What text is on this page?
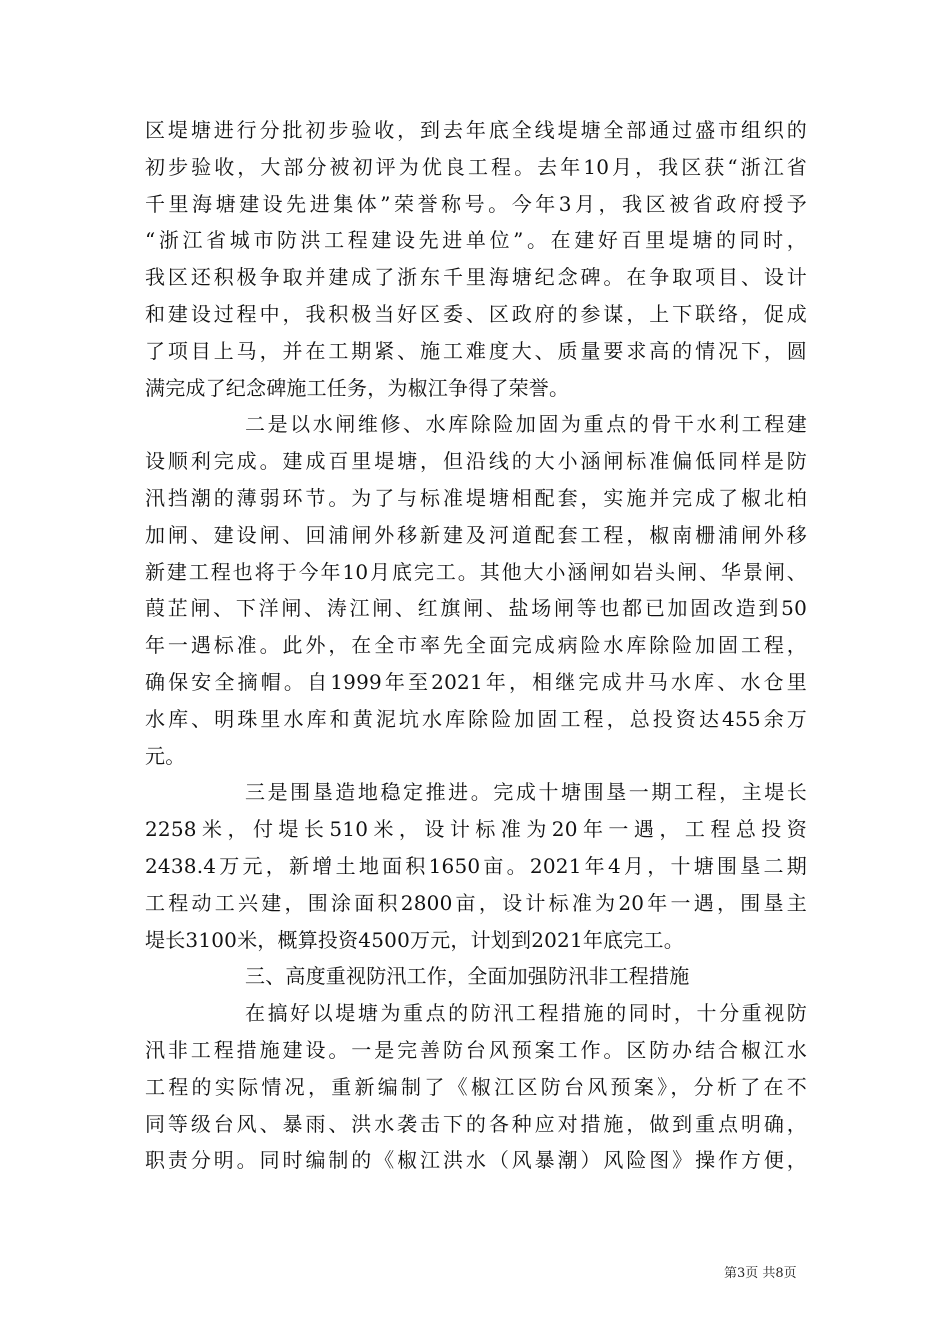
区堤塘进行分批初步验收，到去年底全线堤塘全部通过盛市组织的
初步验收，大部分被初评为优良工程。去年10月，我区获“浙江省
千里海塘建设先进集体”荣誉称号。今年3月，我区被省政府授予
“浙江省城市防洪工程建设先进单位”。在建好百里堤塘的同时，
我区还积极争取并建成了浙东千里海塘纪念碑。在争取项目、设计
和建设过程中，我积极当好区委、区政府的参谋，上下联络，促成
了项目上马，并在工期紧、施工难度大、质量要求高的情况下，圆
满完成了纪念碑施工任务，为椒江争得了荣誉。
二是以水闸维修、水库除险加固为重点的骨干水利工程建
设顺利完成。建成百里堤塘，但沿线的大小涵闸标准偏低同样是防
汛挡潮的薄弱环节。为了与标准堤塘相配套，实施并完成了椒北柏
加闸、建设闸、回浦闸外移新建及河道配套工程，椒南栅浦闸外移
新建工程也将于今年10月底完工。其他大小涵闸如岩头闸、华景闸、
葭芷闸、下洋闸、涛江闸、红旗闸、盐场闸等也都已加固改造到50
年一遇标准。此外，在全市率先全面完成病险水库除险加固工程，
确保安全摘帽。自1999年至2021年，相继完成井马水库、水仓里
水库、明珠里水库和黄泥坑水库除险加固工程，总投资达455余万
元。
三是围垦造地稳定推进。完成十塘围垦一期工程，主堤长
2258米，付堤长510米，设计标准为20年一遇，工程总投资
2438.4万元，新增土地面积1650亩。2021年4月，十塘围垦二期
工程动工兴建，围涂面积2800亩，设计标准为20年一遇，围垦主
堤长3100米，概算投资4500万元，计划到2021年底完工。
三、高度重视防汛工作，全面加强防汛非工程措施
在搞好以堤塘为重点的防汛工程措施的同时，十分重视防
汛非工程措施建设。一是完善防台风预案工作。区防办结合椒江水
工程的实际情况，重新编制了《椒江区防台风预案》，分析了在不
同等级台风、暴雨、洪水袭击下的各种应对措施，做到重点明确，
职责分明。同时编制的《椒江洪水（风暴潮）风险图》操作方便，
第3页 共8页
